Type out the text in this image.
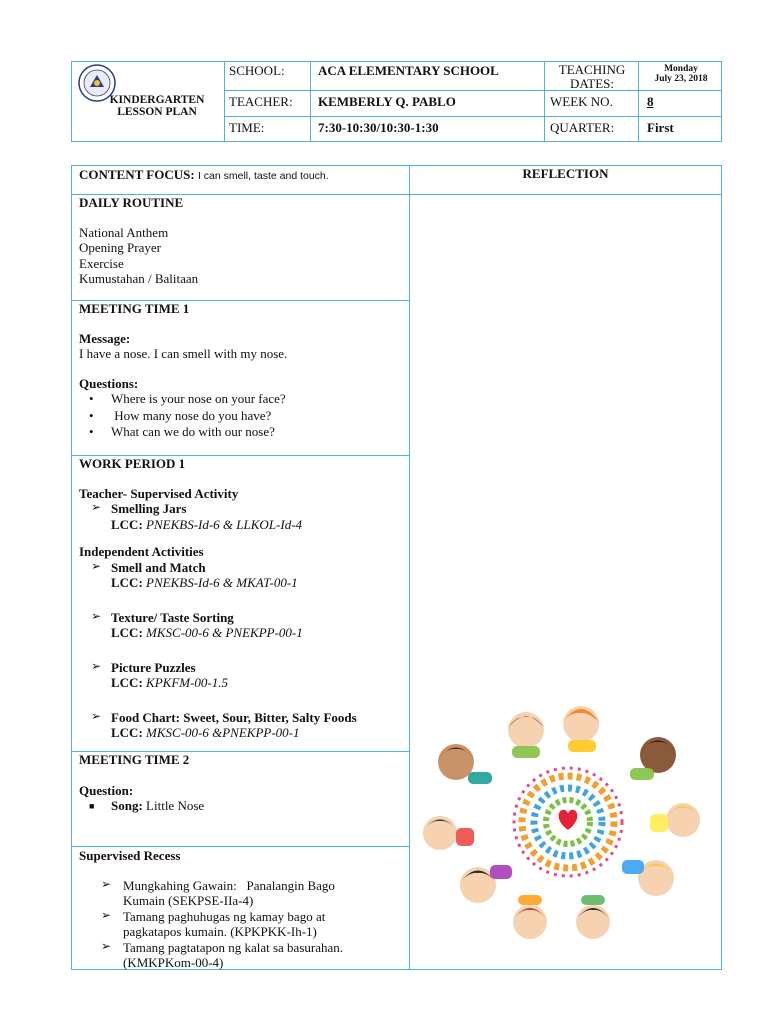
KINDERGARTEN
LESSON PLAN
SCHOOL:	ACA ELEMENTARY SCHOOL	TEACHING
DATES:
Monday
July 23, 2018
TEACHER: KEMBERLY Q. PABLO	WEEK NO.	8
TIME:	7:30-10:30/10:30-1:30	QUARTER:	First
CONTENT FOCUS: I can smell, taste and touch.	REFLECTION

DAILY ROUTINE

National Anthem

Opening Prayer

Exercise

Kumustahan / Balitaan

MEETING TIME 1

Message:

I have a nose. I can smell with my nose.

Questions:

• Where is your nose on your face?
• How many nose do you have?
• What can we do with our nose?

WORK PERIOD 1

Teacher- Supervised Activity

➢ Smelling Jars

LCC: PNEKBS-Id-6 & LLKOL-Id-4

Independent Activities

➢ Smell and Match

LCC: PNEKBS-Id-6 & MKAT-00-1

➢ Texture/ Taste Sorting

LCC: MKSC-00-6 & PNEKPP-00-1

➢ Picture Puzzles

LCC: KPKFM-00-1.5

➢ Food Chart: Sweet, Sour, Bitter, Salty Foods

LCC: MKSC-00-6 &PNEKPP-00-1

MEETING TIME 2

Question:

■ Song: Little Nose

Supervised Recess

➢ Mungkahing Gawain:   Panalangin Bago

Kumain (SEKPSE-IIa-4)

➢ Tamang paghuhugas ng kamay bago at

pagkatapos kumain. (KPKPKK-Ih-1)

➢ Tamang pagtatapon ng kalat sa basurahan.

(KMKPKom-00-4)
